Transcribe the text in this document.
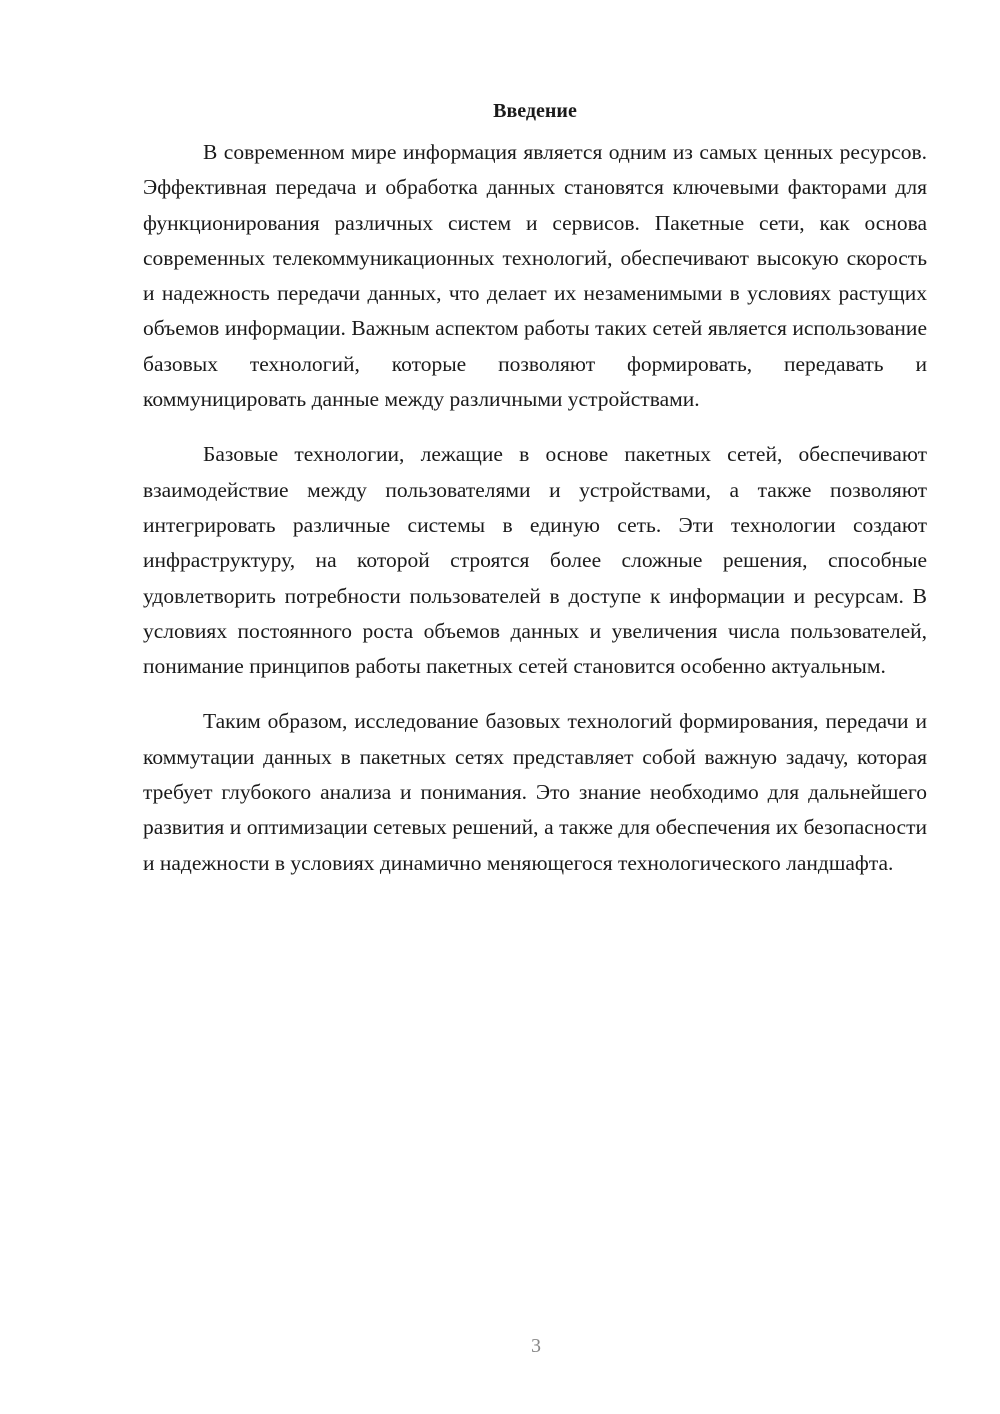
Введение

В современном мире информация является одним из самых ценных ресурсов. Эффективная передача и обработка данных становятся ключевыми факторами для функционирования различных систем и сервисов. Пакетные сети, как основа современных телекоммуникационных технологий, обеспечивают высокую скорость и надежность передачи данных, что делает их незаменимыми в условиях растущих объемов информации. Важным аспектом работы таких сетей является использование базовых технологий, которые позволяют формировать, передавать и коммуницировать данные между различными устройствами.

Базовые технологии, лежащие в основе пакетных сетей, обеспечивают взаимодействие между пользователями и устройствами, а также позволяют интегрировать различные системы в единую сеть. Эти технологии создают инфраструктуру, на которой строятся более сложные решения, способные удовлетворить потребности пользователей в доступе к информации и ресурсам. В условиях постоянного роста объемов данных и увеличения числа пользователей, понимание принципов работы пакетных сетей становится особенно актуальным.

Таким образом, исследование базовых технологий формирования, передачи и коммутации данных в пакетных сетях представляет собой важную задачу, которая требует глубокого анализа и понимания. Это знание необходимо для дальнейшего развития и оптимизации сетевых решений, а также для обеспечения их безопасности и надежности в условиях динамично меняющегося технологического ландшафта.

3
